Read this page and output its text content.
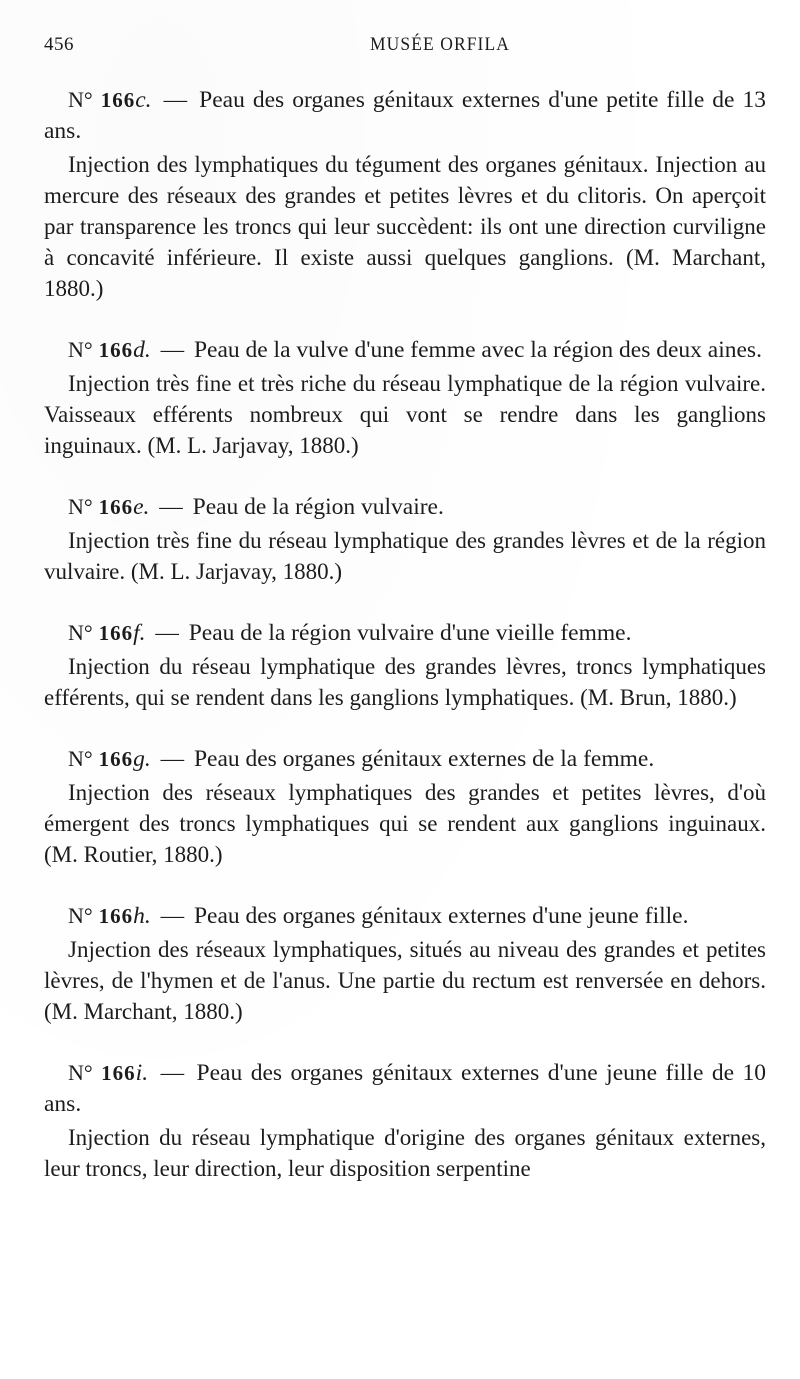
456	MUSÉE ORFILA

N° 166c. — Peau des organes génitaux externes d'une petite fille de 13 ans.

Injection des lymphatiques du tégument des organes génitaux. Injection au mercure des réseaux des grandes et petites lèvres et du clitoris. On aperçoit par transparence les troncs qui leur succèdent: ils ont une direction curviligne à concavité inférieure. Il existe aussi quelques ganglions. (M. Marchant, 1880.)

N° 166d. — Peau de la vulve d'une femme avec la région des deux aines.

Injection très fine et très riche du réseau lymphatique de la région vulvaire. Vaisseaux efférents nombreux qui vont se rendre dans les ganglions inguinaux. (M. L. Jarjavay, 1880.)

N° 166e. — Peau de la région vulvaire.

Injection très fine du réseau lymphatique des grandes lèvres et de la région vulvaire. (M. L. Jarjavay, 1880.)

N° 166f. — Peau de la région vulvaire d'une vieille femme.

Injection du réseau lymphatique des grandes lèvres, troncs lymphatiques efférents, qui se rendent dans les ganglions lymphatiques. (M. Brun, 1880.)

N° 166g. — Peau des organes génitaux externes de la femme.

Injection des réseaux lymphatiques des grandes et petites lèvres, d'où émergent des troncs lymphatiques qui se rendent aux ganglions inguinaux. (M. Routier, 1880.)

N° 166h. — Peau des organes génitaux externes d'une jeune fille.

Jnjection des réseaux lymphatiques, situés au niveau des grandes et petites lèvres, de l'hymen et de l'anus. Une partie du rectum est renversée en dehors. (M. Marchant, 1880.)

N° 166i. — Peau des organes génitaux externes d'une jeune fille de 10 ans.

Injection du réseau lymphatique d'origine des organes génitaux externes, leur troncs, leur direction, leur disposition serpentine
